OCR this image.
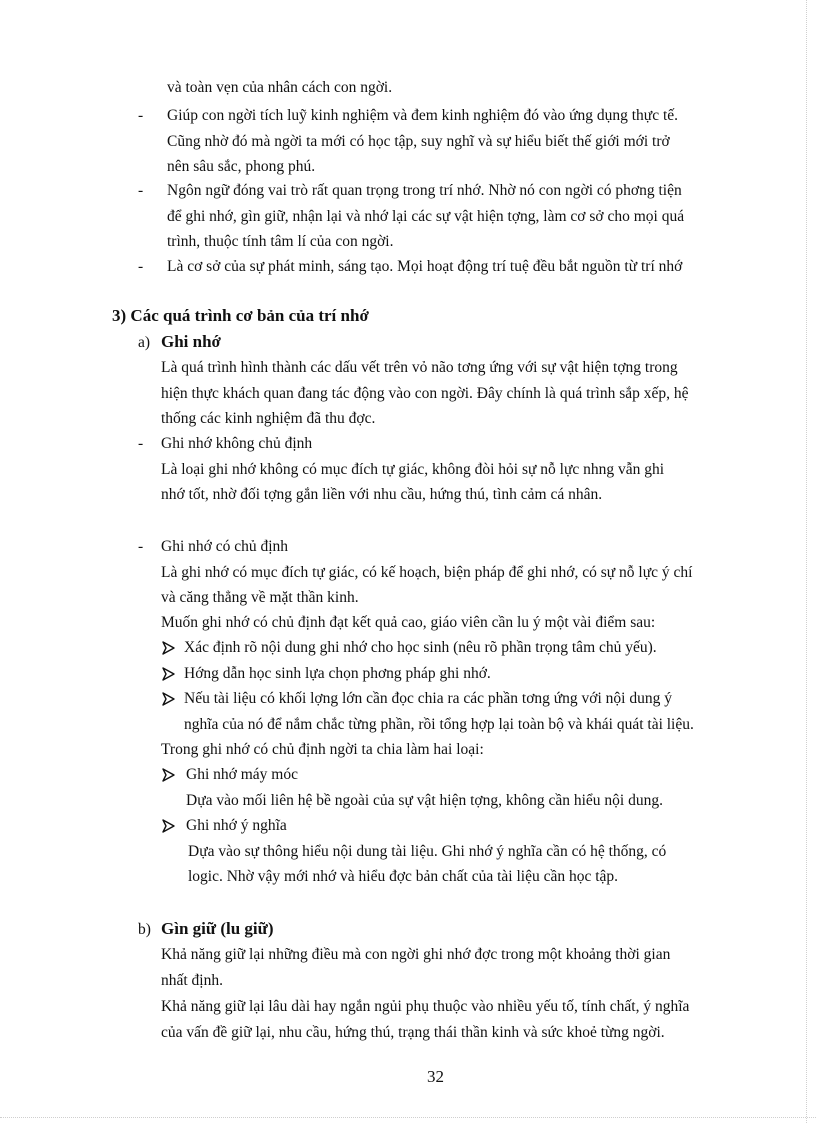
và toàn vẹn của nhân cách con ngời.
- Giúp con ngời tích luỹ kinh nghiệm và đem kinh nghiệm đó vào ứng dụng thực tế.
Cũng nhờ đó mà ngời ta mới có học tập, suy nghĩ và sự hiểu biết thế giới mới trở
nên sâu sắc, phong phú.
- Ngôn ngữ đóng vai trò rất quan trọng trong trí nhớ. Nhờ nó con ngời có phơng tiện
để ghi nhớ, gìn giữ, nhận lại và nhớ lại các sự vật hiện tợng, làm cơ sở cho mọi quá
trình, thuộc tính tâm lí của con ngời.
- Là cơ sở của sự phát minh, sáng tạo. Mọi hoạt động trí tuệ đều bắt nguồn từ trí nhớ
3) Các quá trình cơ bản của trí nhớ
a) Ghi nhớ
Là quá trình hình thành các dấu vết trên vỏ não tơng ứng với sự vật hiện tợng trong
hiện thực khách quan đang tác động vào con ngời. Đây chính là quá trình sắp xếp, hệ
thống các kinh nghiệm đã thu đợc.
- Ghi nhớ không chủ định
Là loại ghi nhớ không có mục đích tự giác, không đòi hỏi sự nỗ lực nhng vẫn ghi
nhớ tốt, nhờ đối tợng gắn liền với nhu cầu, hứng thú, tình cảm cá nhân.
- Ghi nhớ có chủ định
Là ghi nhớ có mục đích tự giác, có kế hoạch, biện pháp để ghi nhớ, có sự nỗ lực ý chí
và căng thẳng về mặt thần kinh.
Muốn ghi nhớ có chủ định đạt kết quả cao, giáo viên cần lu ý một vài điểm sau:
Xác định rõ nội dung ghi nhớ cho học sinh (nêu rõ phần trọng tâm chủ yếu).
Hớng dẫn học sinh lựa chọn phơng pháp ghi nhớ.
Nếu tài liệu có khối lợng lớn cần đọc chia ra các phần tơng ứng với nội dung ý
nghĩa của nó để nắm chắc từng phần, rồi tổng hợp lại toàn bộ và khái quát tài liệu.
Trong ghi nhớ có chủ định ngời ta chia làm hai loại:
Ghi nhớ máy móc
Dựa vào mối liên hệ bề ngoài của sự vật hiện tợng, không cần hiểu nội dung.
Ghi nhớ ý nghĩa
Dựa vào sự thông hiểu nội dung tài liệu. Ghi nhớ ý nghĩa cần có hệ thống, có
logic. Nhờ vậy mới nhớ và hiểu đợc bản chất của tài liệu cần học tập.
b) Gìn giữ (lu giữ)
Khả năng giữ lại những điều mà con ngời ghi nhớ đợc trong một khoảng thời gian
nhất định.
Khả năng giữ lại lâu dài hay ngắn ngủi phụ thuộc vào nhiều yếu tố, tính chất, ý nghĩa
của vấn đề giữ lại, nhu cầu, hứng thú, trạng thái thần kinh và sức khoẻ từng ngời.
32
